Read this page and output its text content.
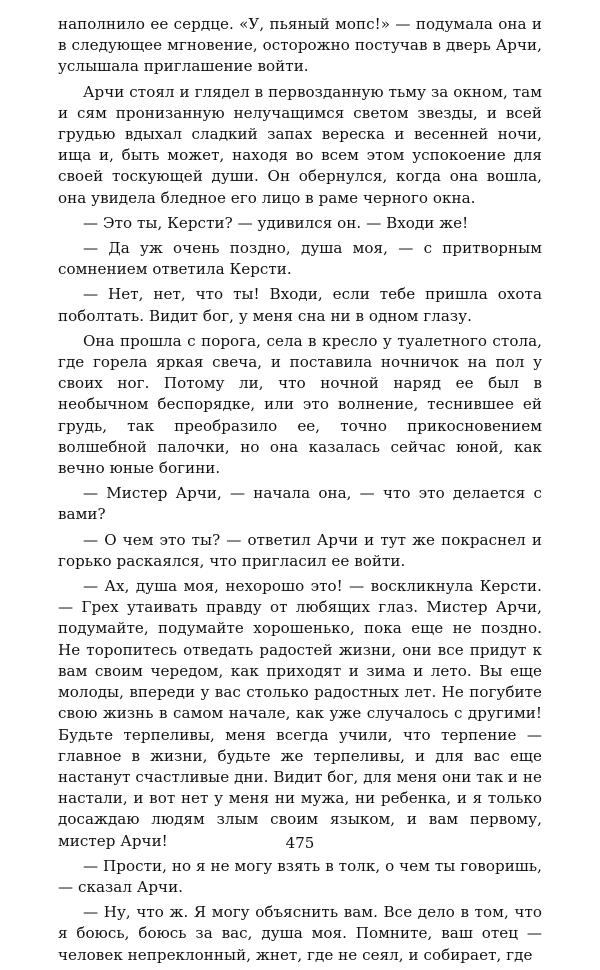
наполнило ее сердце. «У, пьяный мопс!» — подумала она и в следующее мгновение, осторожно постучав в дверь Арчи, услышала приглашение войти.

Арчи стоял и глядел в первозданную тьму за окном, там и сям пронизанную нелучащимся светом звезды, и всей грудью вдыхал сладкий запах вереска и весенней ночи, ища и, быть может, находя во всем этом успокоение для своей тоскующей души. Он обернулся, когда она вошла, она увидела бледное его лицо в раме черного окна.

— Это ты, Керсти? — удивился он. — Входи же!

— Да уж очень поздно, душа моя, — с притворным сомнением ответила Керсти.

— Нет, нет, что ты! Входи, если тебе пришла охота поболтать. Видит бог, у меня сна ни в одном глазу.

Она прошла с порога, села в кресло у туалетного стола, где горела яркая свеча, и поставила ночничок на пол у своих ног. Потому ли, что ночной наряд ее был в необычном беспорядке, или это волнение, теснившее ей грудь, так преобразило ее, точно прикосновением волшебной палочки, но она казалась сейчас юной, как вечно юные богини.

— Мистер Арчи, — начала она, — что это делается с вами?

— О чем это ты? — ответил Арчи и тут же покраснел и горько раскаялся, что пригласил ее войти.

— Ах, душа моя, нехорошо это! — воскликнула Керсти. — Грех утаивать правду от любящих глаз. Мистер Арчи, подумайте, подумайте хорошенько, пока еще не поздно. Не торопитесь отведать радостей жизни, они все придут к вам своим чередом, как приходят и зима и лето. Вы еще молоды, впереди у вас столько радостных лет. Не погубите свою жизнь в самом начале, как уже случалось с другими! Будьте терпеливы, меня всегда учили, что терпение — главное в жизни, будьте же терпеливы, и для вас еще настанут счастливые дни. Видит бог, для меня они так и не настали, и вот нет у меня ни мужа, ни ребенка, и я только досаждаю людям злым своим языком, и вам первому, мистер Арчи!

— Прости, но я не могу взять в толк, о чем ты говоришь, — сказал Арчи.

— Ну, что ж. Я могу объяснить вам. Все дело в том, что я боюсь, боюсь за вас, душа моя. Помните, ваш отец — человек непреклонный, жнет, где не сеял, и собирает, где

475
